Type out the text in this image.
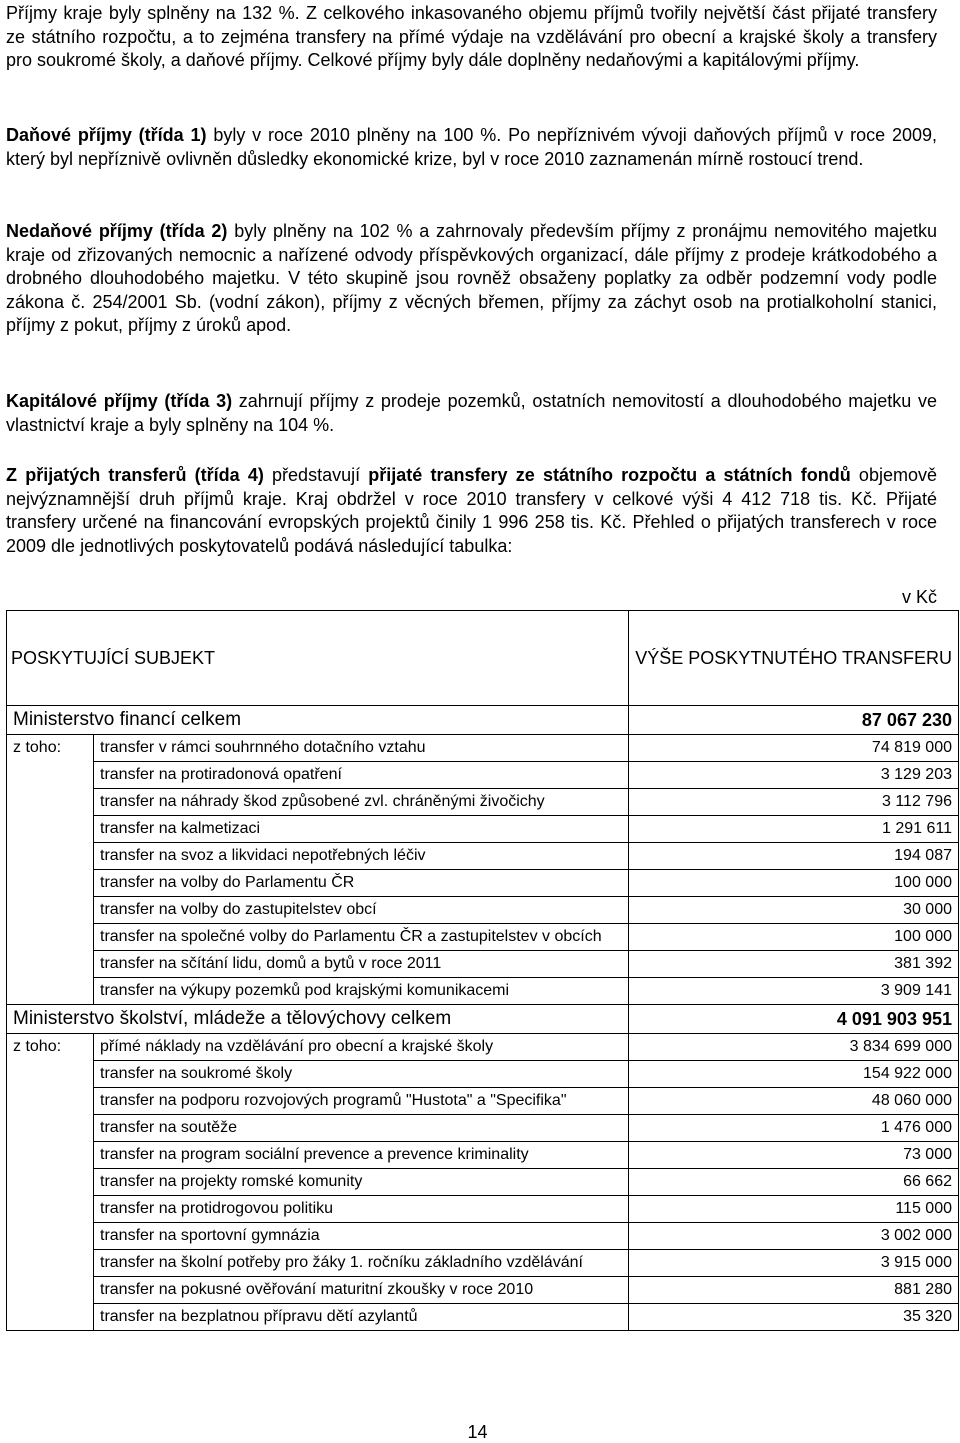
Příjmy kraje byly splněny na 132 %. Z celkového inkasovaného objemu příjmů tvořily největší část přijaté transfery ze státního rozpočtu, a to zejména transfery na přímé výdaje na vzdělávání pro obecní a krajské školy a transfery pro soukromé školy, a daňové příjmy. Celkové příjmy byly dále doplněny nedaňovými a kapitálovými příjmy.

Daňové příjmy (třída 1) byly v roce 2010 plněny na 100 %. Po nepříznivém vývoji daňových příjmů v roce 2009, který byl nepříznivě ovlivněn důsledky ekonomické krize, byl v roce 2010 zaznamenán mírně rostoucí trend.

Nedaňové příjmy (třída 2) byly plněny na 102 % a zahrnovaly především příjmy z pronájmu nemovitého majetku kraje od zřizovaných nemocnic a nařízené odvody příspěvkových organizací, dále příjmy z prodeje krátkodobého a drobného dlouhodobého majetku. V této skupině jsou rovněž obsaženy poplatky za odběr podzemní vody podle zákona č. 254/2001 Sb. (vodní zákon), příjmy z věcných břemen, příjmy za záchyt osob na protialkoholní stanici, příjmy z pokut, příjmy z úroků apod.

Kapitálové příjmy (třída 3) zahrnují příjmy z prodeje pozemků, ostatních nemovitostí a dlouhodobého majetku ve vlastnictví kraje a byly splněny na 104 %.

Z přijatých transferů (třída 4) představují přijaté transfery ze státního rozpočtu a státních fondů objemově nejvýznamnější druh příjmů kraje. Kraj obdržel v roce 2010 transfery v celkové výši 4 412 718 tis. Kč. Přijaté transfery určené na financování evropských projektů činily 1 996 258 tis. Kč. Přehled o přijatých transferech v roce 2009 dle jednotlivých poskytovatelů podává následující tabulka:

v Kč
POSKYTUJÍCÍ SUBJEKT		VÝŠE POSKYTNUTÉHO TRANSFERU
Ministerstvo financí celkem		87 067 230
z toho:	transfer v rámci souhrnného dotačního vztahu	74 819 000
	transfer na protiradonová opatření	3 129 203
	transfer na náhrady škod způsobené zvl. chráněnými živočichy	3 112 796
	transfer na kalmetizaci	1 291 611
	transfer na svoz a likvidaci nepotřebných léčiv	194 087
	transfer na volby do Parlamentu ČR	100 000
	transfer na volby do zastupitelstev obcí	30 000
	transfer na společné volby do Parlamentu ČR a zastupitelstev v obcích	100 000
	transfer na sčítání lidu, domů a bytů v roce 2011	381 392
	transfer na výkupy pozemků pod krajskými komunikacemi	3 909 141
Ministerstvo školství, mládeže a tělovýchovy celkem		4 091 903 951
z toho:	přímé náklady na vzdělávání pro obecní a krajské školy	3 834 699 000
	transfer na soukromé školy	154 922 000
	transfer na podporu rozvojových programů "Hustota" a "Specifika"	48 060 000
	transfer na soutěže	1 476 000
	transfer na program sociální prevence a prevence kriminality	73 000
	transfer na projekty romské komunity	66 662
	transfer na protidrogovou politiku	115 000
	transfer na sportovní gymnázia	3 002 000
	transfer na školní potřeby pro žáky 1. ročníku základního vzdělávání	3 915 000
	transfer na pokusné ověřování maturitní zkoušky v roce 2010	881 280
	transfer na bezplatnou přípravu dětí azylantů	35 320
14
